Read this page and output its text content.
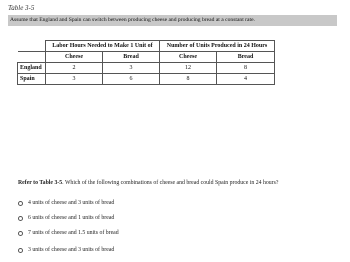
Table 3-5
Assume that England and Spain can switch between producing cheese and producing bread at a constant rate.
	Labor Hours Needed to Make 1 Unit of		Number of Units Produced in 24 Hours	
	Cheese	Bread	Cheese	Bread
England	2	3	12	8
Spain	3	6	8	4
Refer to Table 3-5. Which of the following combinations of cheese and bread could Spain produce in 24 hours?
4 units of cheese and 3 units of bread
6 units of cheese and 1 units of bread
7 units of cheese and 1.5 units of bread
3 units of cheese and 3 units of bread
